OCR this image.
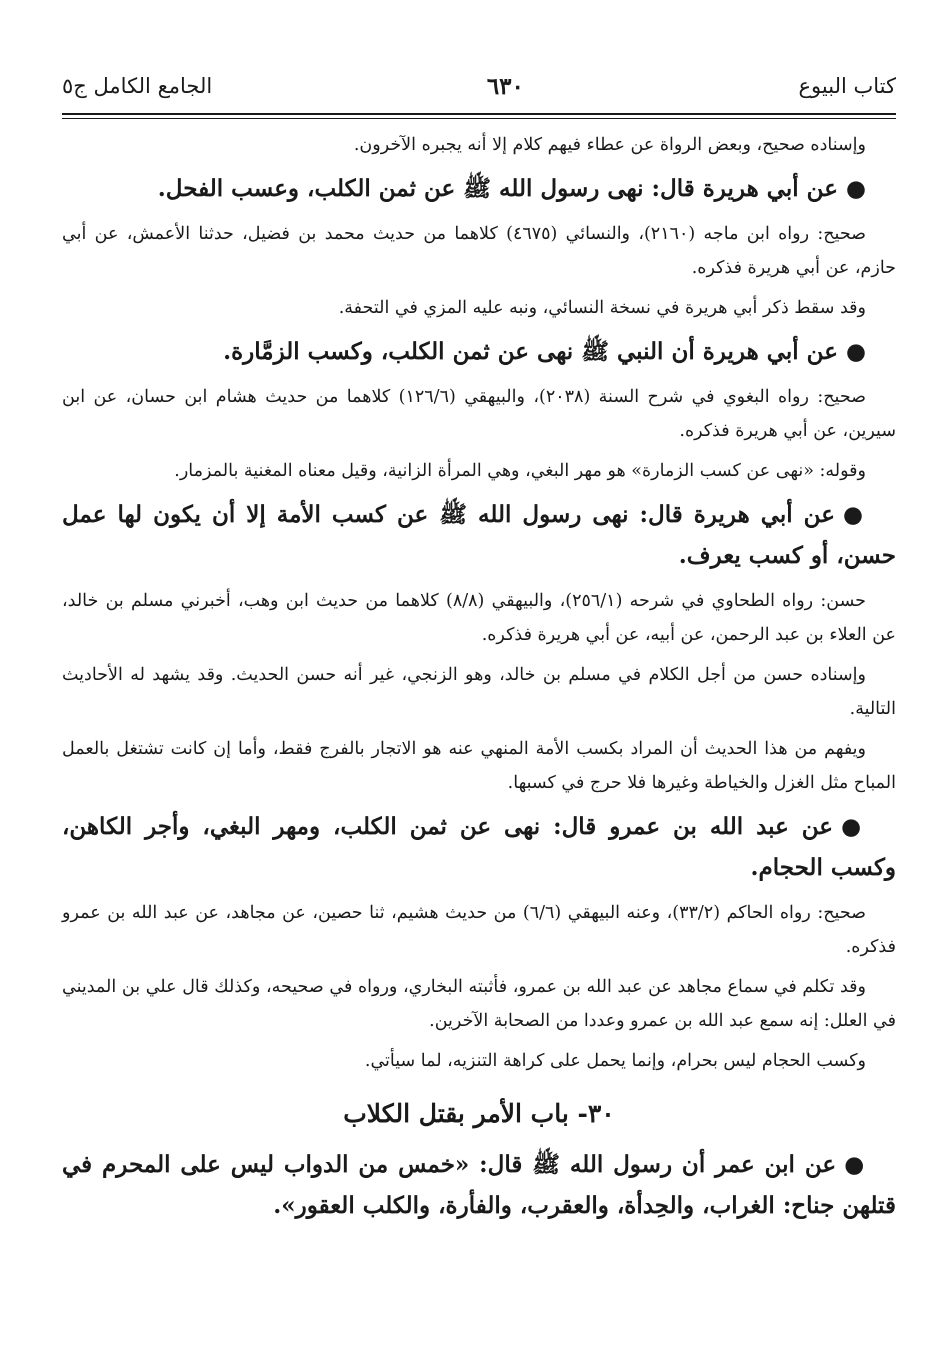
كتاب البيوع
٦٣٠
الجامع الكامل ج٥

وإسناده صحيح، وبعض الرواة عن عطاء فيهم كلام إلا أنه يجبره الآخرون.

●عن أبي هريرة قال: نهى رسول الله ﷺ عن ثمن الكلب، وعسب الفحل.

صحيح: رواه ابن ماجه (٢١٦٠)، والنسائي (٤٦٧٥) كلاهما من حديث محمد بن فضيل، حدثنا الأعمش، عن أبي حازم، عن أبي هريرة فذكره.

وقد سقط ذكر أبي هريرة في نسخة النسائي، ونبه عليه المزي في التحفة.

●عن أبي هريرة أن النبي ﷺ نهى عن ثمن الكلب، وكسب الزمَّارة.

صحيح: رواه البغوي في شرح السنة (٢٠٣٨)، والبيهقي (١٢٦/٦) كلاهما من حديث هشام ابن حسان، عن ابن سيرين، عن أبي هريرة فذكره.

وقوله: «نهى عن كسب الزمارة» هو مهر البغي، وهي المرأة الزانية، وقيل معناه المغنية بالمزمار.

●عن أبي هريرة قال: نهى رسول الله ﷺ عن كسب الأمة إلا أن يكون لها عمل حسن، أو كسب يعرف.

حسن: رواه الطحاوي في شرحه (٢٥٦/١)، والبيهقي (٨/٨) كلاهما من حديث ابن وهب، أخبرني مسلم بن خالد، عن العلاء بن عبد الرحمن، عن أبيه، عن أبي هريرة فذكره.

وإسناده حسن من أجل الكلام في مسلم بن خالد، وهو الزنجي، غير أنه حسن الحديث. وقد يشهد له الأحاديث التالية.

ويفهم من هذا الحديث أن المراد بكسب الأمة المنهي عنه هو الاتجار بالفرج فقط، وأما إن كانت تشتغل بالعمل المباح مثل الغزل والخياطة وغيرها فلا حرج في كسبها.

●عن عبد الله بن عمرو قال: نهى عن ثمن الكلب، ومهر البغي، وأجر الكاهن، وكسب الحجام.

صحيح: رواه الحاكم (٣٣/٢)، وعنه البيهقي (٦/٦) من حديث هشيم، ثنا حصين، عن مجاهد، عن عبد الله بن عمرو فذكره.

وقد تكلم في سماع مجاهد عن عبد الله بن عمرو، فأثبته البخاري، ورواه في صحيحه، وكذلك قال علي بن المديني في العلل: إنه سمع عبد الله بن عمرو وعددا من الصحابة الآخرين.

وكسب الحجام ليس بحرام، وإنما يحمل على كراهة التنزيه، لما سيأتي.

٣٠- باب الأمر بقتل الكلاب

●عن ابن عمر أن رسول الله ﷺ قال: «خمس من الدواب ليس على المحرم في قتلهن جناح: الغراب، والحِدأة، والعقرب، والفأرة، والكلب العقور».
